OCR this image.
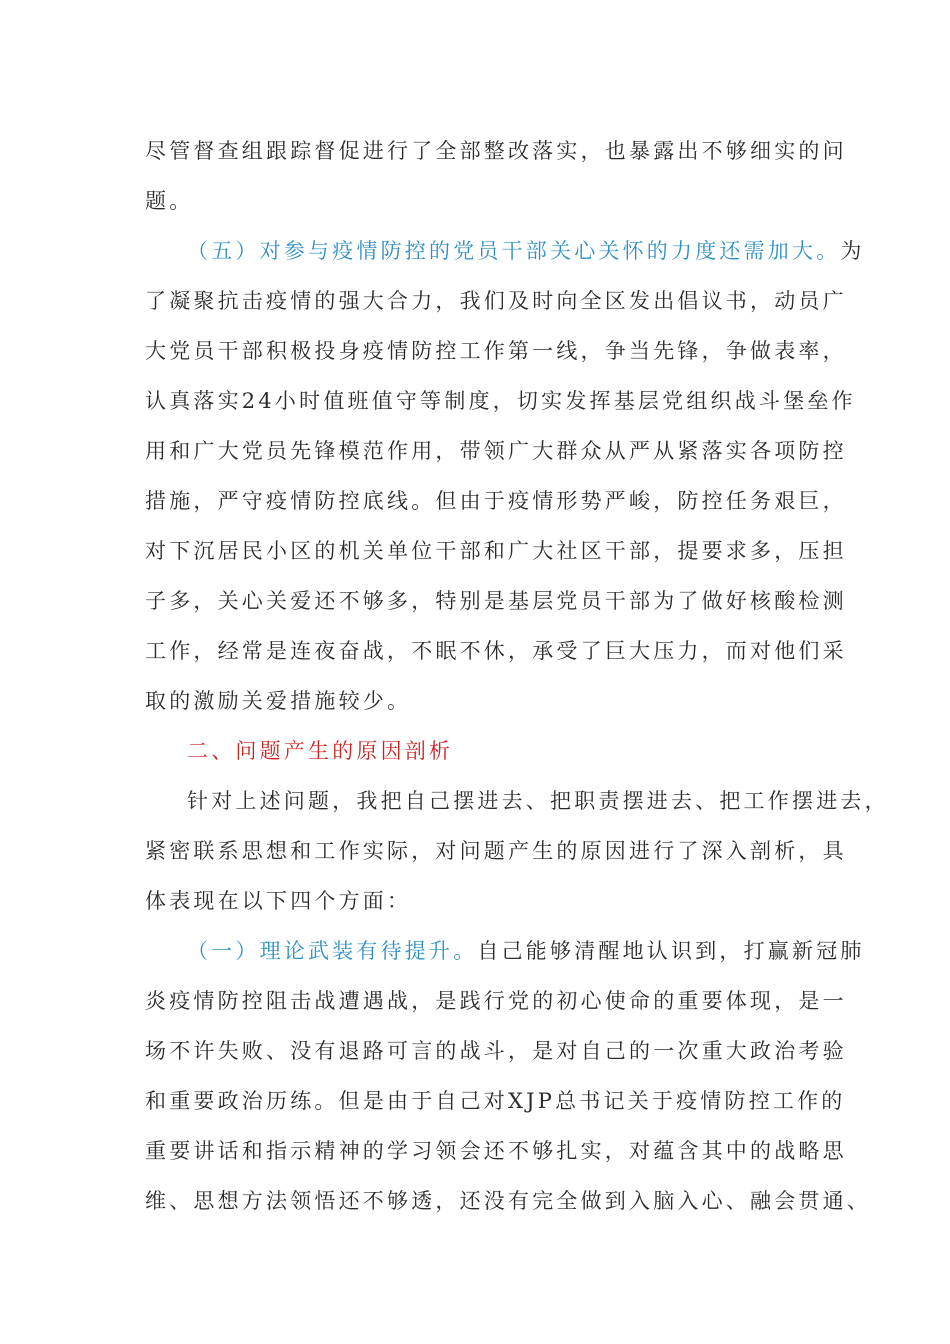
尽管督查组跟踪督促进行了全部整改落实，也暴露出不够细实的问
题。
（五）对参与疫情防控的党员干部关心关怀的力度还需加大。为
了凝聚抗击疫情的强大合力，我们及时向全区发出倡议书，动员广
大党员干部积极投身疫情防控工作第一线，争当先锋，争做表率，
认真落实24小时值班值守等制度，切实发挥基层党组织战斗堡垒作
用和广大党员先锋模范作用，带领广大群众从严从紧落实各项防控
措施，严守疫情防控底线。但由于疫情形势严峻，防控任务艰巨，
对下沉居民小区的机关单位干部和广大社区干部，提要求多，压担
子多，关心关爱还不够多，特别是基层党员干部为了做好核酸检测
工作，经常是连夜奋战，不眠不休，承受了巨大压力，而对他们采
取的激励关爱措施较少。
二、问题产生的原因剖析
针对上述问题，我把自己摆进去、把职责摆进去、把工作摆进去，
紧密联系思想和工作实际，对问题产生的原因进行了深入剖析，具
体表现在以下四个方面：
（一）理论武装有待提升。自己能够清醒地认识到，打赢新冠肺
炎疫情防控阻击战遭遇战，是践行党的初心使命的重要体现，是一
场不许失败、没有退路可言的战斗，是对自己的一次重大政治考验
和重要政治历练。但是由于自己对XJP总书记关于疫情防控工作的
重要讲话和指示精神的学习领会还不够扎实，对蕴含其中的战略思
维、思想方法领悟还不够透，还没有完全做到入脑入心、融会贯通、
